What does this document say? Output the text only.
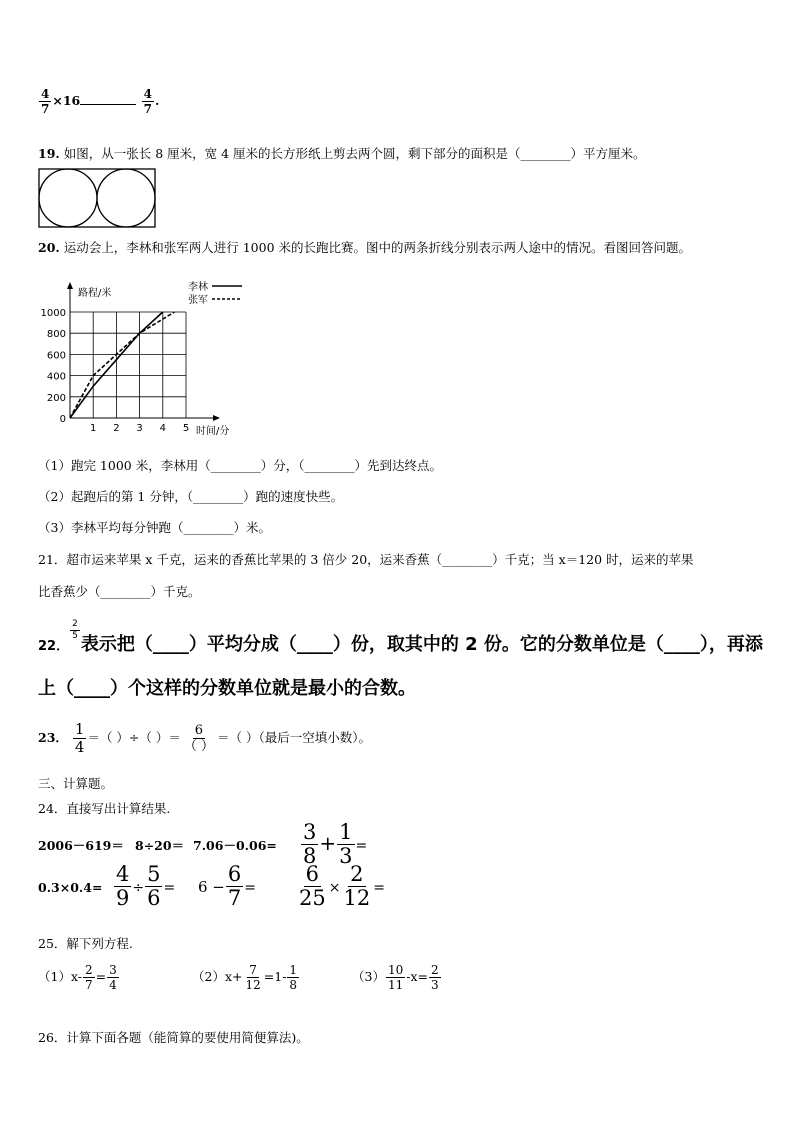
$\frac{4}{7} \times 16$	$\frac{4}{7}$ .
19. 如图，从一张长 8 厘米，宽 4 厘米的长方形纸上剪去两个圆，剩下部分的面积是（________）平方厘米。
20. 运动会上，李林和张军两人进行 1000 米的长跑比赛。图中的两条折线分别表示两人途中的情况。看图回答问题。
1 2 3 4 5
0
200
400
600
800
1000
路程/米
时间/分
李林
张军
（1）跑完 1000 米，李林用（________）分，（________）先到达终点。
（2）起跑后的第 1 分钟，（________）跑的速度快些。
（3）李林平均每分钟跑（________）米。
21．超市运来苹果 x 千克，运来的香蕉比苹果的 3 倍少 20，运来香蕉（________）千克；当 x＝120 时，运来的苹果
比香蕉少（________）千克。
22．
$\frac{2}{5}$
表示把（____）平均分成（____）份，取其中的 2 份。它的分数单位是（____），再添
上（____）个这样的分数单位就是最小的合数。
23． $\frac{1}{4}$ ＝（ ）÷（ ）＝ $\frac{6}{( )}$ ＝（ ）（最后一空填小数）。
三、计算题。
24．直接写出计算结果.
$2006-619= 8\div 20= 7.06-0.06= \frac{3}{8} + \frac{1}{3}$ =
$0.3\times 0.4= \frac{4}{9} \div \frac{5}{6} = 6 - \frac{6}{7} = \frac{6}{25} \times \frac{2}{12}$ =
25．解下列方程.
$(1)x- \frac{2}{7} = \frac{3}{4}$	$(2)x+ \frac{7}{12} =1- \frac{1}{8}$	$(3) \frac{10}{11} -x= \frac{2}{3}$
26．计算下面各题（能简算的要使用简便算法)。
